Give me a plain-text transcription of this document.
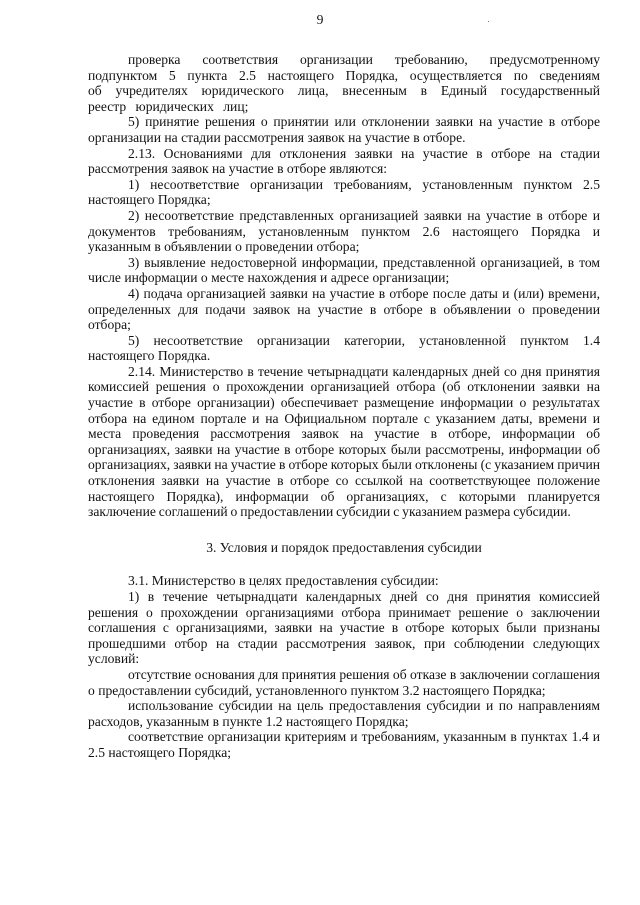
9

проверка соответствия организации требованию, предусмотренному подпунктом 5 пункта 2.5 настоящего Порядка, осуществляется по сведениям об учредителях юридического лица, внесенным в Единый государственный реестр юридических лиц;

5) принятие решения о принятии или отклонении заявки на участие в отборе организации на стадии рассмотрения заявок на участие в отборе.

2.13. Основаниями для отклонения заявки на участие в отборе на стадии рассмотрения заявок на участие в отборе являются:

1) несоответствие организации требованиям, установленным пунктом 2.5 настоящего Порядка;

2) несоответствие представленных организацией заявки на участие в отборе и документов требованиям, установленным пунктом 2.6 настоящего Порядка и указанным в объявлении о проведении отбора;

3) выявление недостоверной информации, представленной организацией, в том числе информации о месте нахождения и адресе организации;

4) подача организацией заявки на участие в отборе после даты и (или) времени, определенных для подачи заявок на участие в отборе в объявлении о проведении отбора;

5) несоответствие организации категории, установленной пунктом 1.4 настоящего Порядка.

2.14. Министерство в течение четырнадцати календарных дней со дня принятия комиссией решения о прохождении организацией отбора (об отклонении заявки на участие в отборе организации) обеспечивает размещение информации о результатах отбора на едином портале и на Официальном портале с указанием даты, времени и места проведения рассмотрения заявок на участие в отборе, информации об организациях, заявки на участие в отборе которых были рассмотрены, информации об организациях, заявки на участие в отборе которых были отклонены (с указанием причин отклонения заявки на участие в отборе со ссылкой на соответствующее положение настоящего Порядка), информации об организациях, с которыми планируется заключение соглашений о предоставлении субсидии с указанием размера субсидии.

3. Условия и порядок предоставления субсидии

3.1. Министерство в целях предоставления субсидии:

1) в течение четырнадцати календарных дней со дня принятия комиссией решения о прохождении организациями отбора принимает решение о заключении соглашения с организациями, заявки на участие в отборе которых были признаны прошедшими отбор на стадии рассмотрения заявок, при соблюдении следующих условий:

отсутствие основания для принятия решения об отказе в заключении соглашения о предоставлении субсидий, установленного пунктом 3.2 настоящего Порядка;

использование субсидии на цель предоставления субсидии и по направлениям расходов, указанным в пункте 1.2 настоящего Порядка;

соответствие организации критериям и требованиям, указанным в пунктах 1.4 и 2.5 настоящего Порядка;
